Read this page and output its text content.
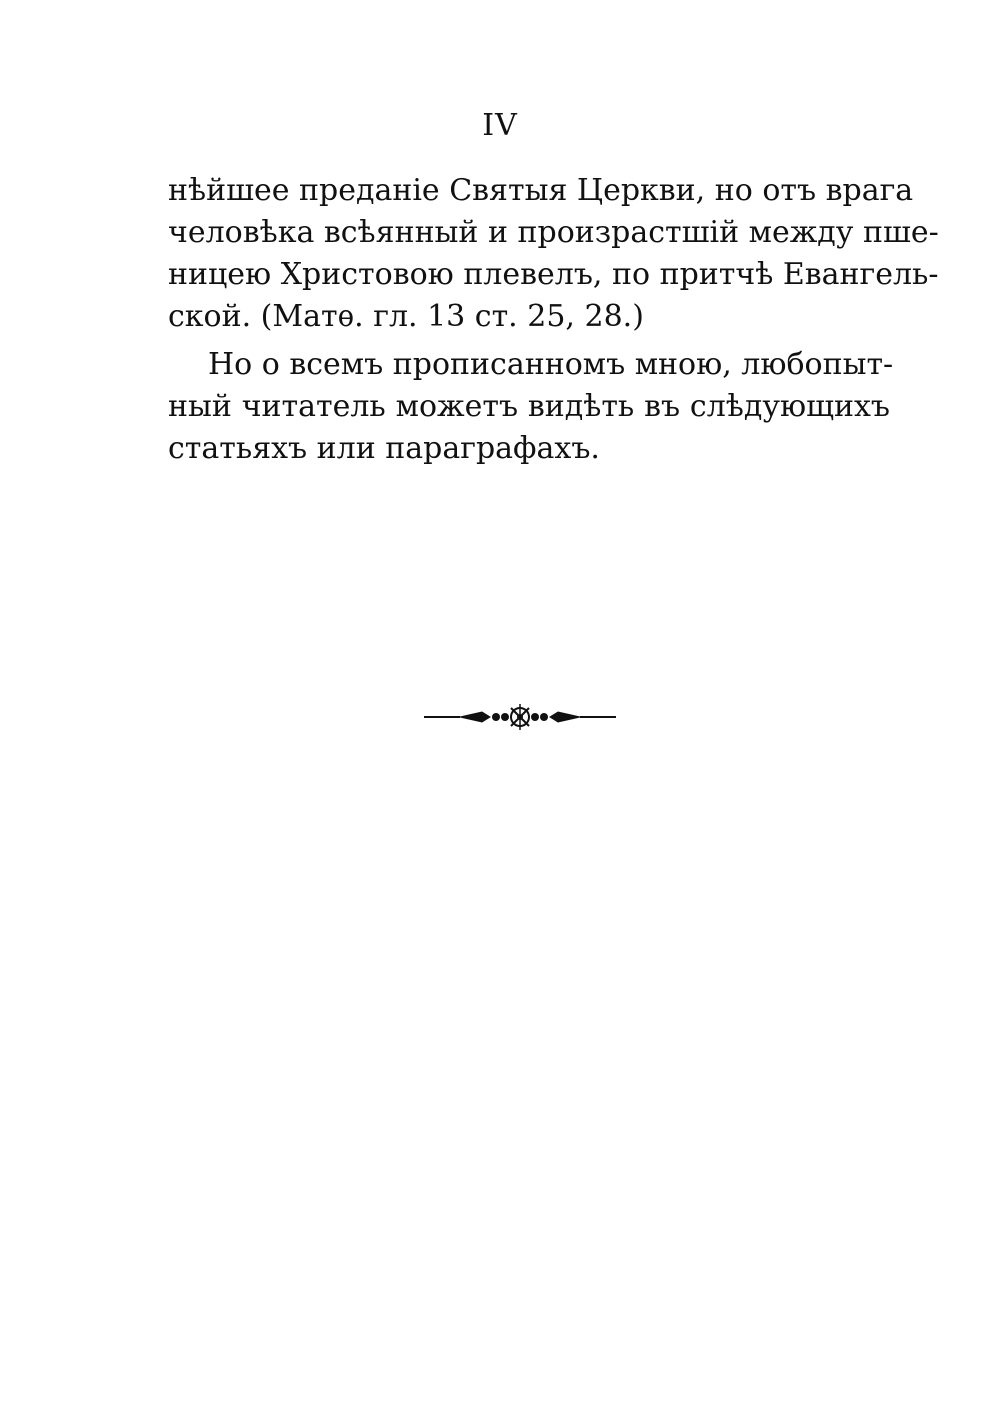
IV
нѣйшее преданіе Святыя Церкви, но отъ врага
человѣка всѣянный и произрастшій между пше-
ницею Христовою плевелъ, по притчѣ Евангель-
ской. (Матѳ. гл. 13 ст. 25, 28.)
Но о всемъ прописанномъ мною, любопыт-
ный читатель можетъ видѣть въ слѣдующихъ
статьяхъ или параграфахъ.
